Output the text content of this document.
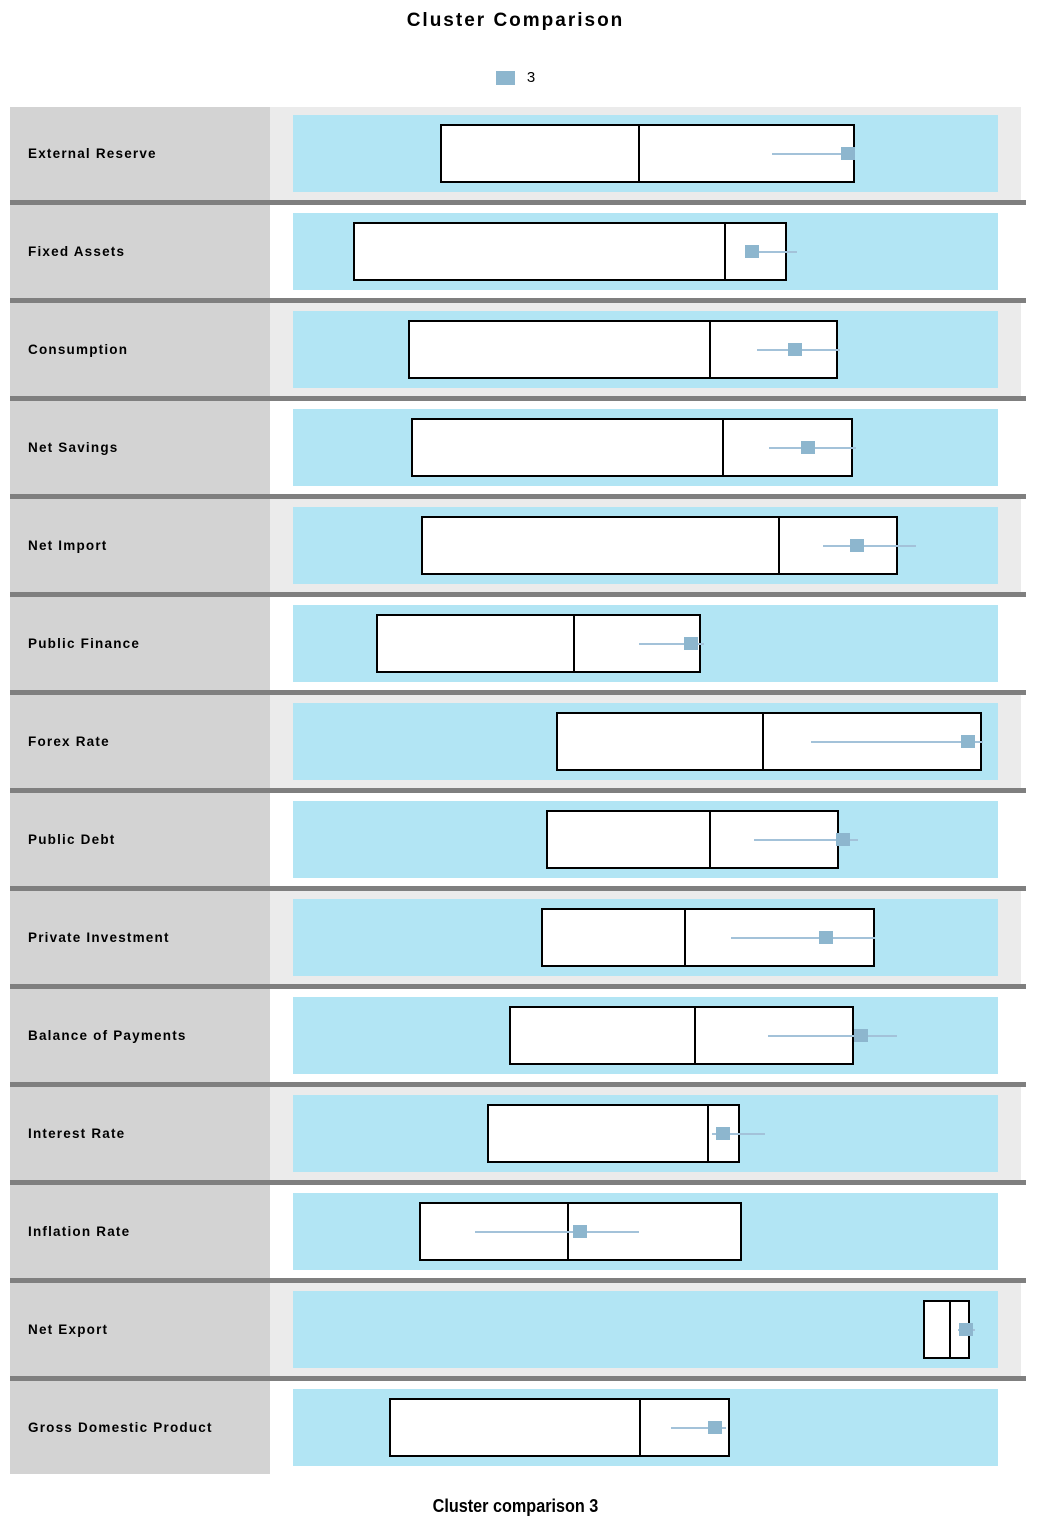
Cluster Comparison
3
External Reserve
Fixed Assets
Consumption
Net Savings
Net Import
Public Finance
Forex Rate
Public Debt
Private Investment
Balance of Payments
Interest Rate
Inflation Rate
Net Export
Gross Domestic Product
Cluster comparison 3
